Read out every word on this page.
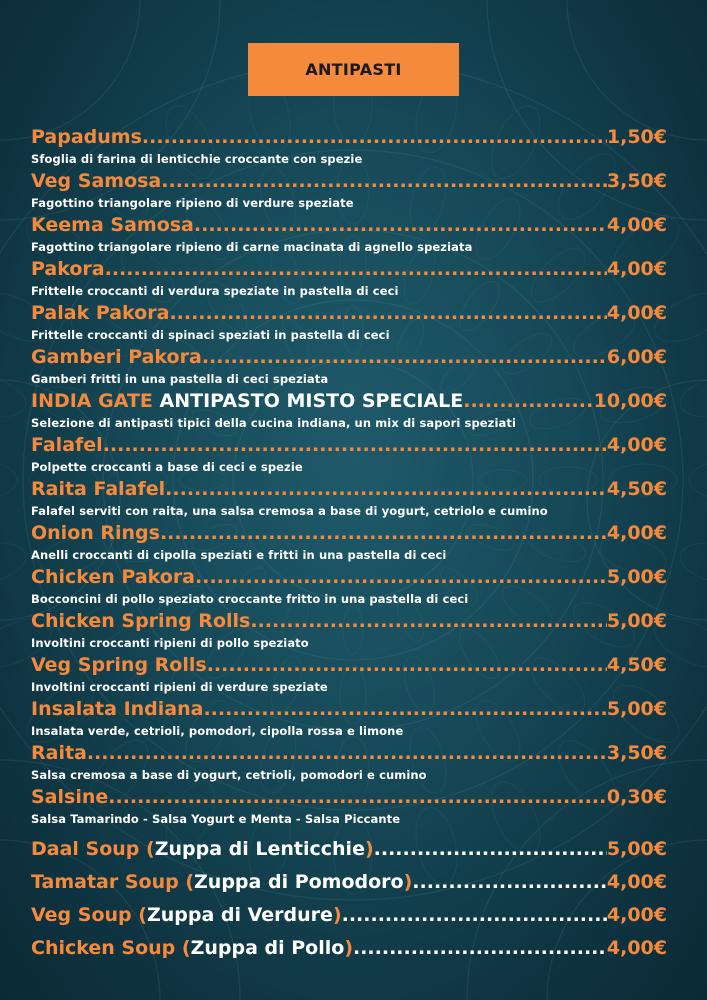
ANTIPASTI
Papadums .....	1,50€
Sfoglia di farina di lenticchie croccante con spezie
Veg Samosa .....	3,50€
Fagottino triangolare ripieno di verdure speziate
Keema Samosa .....	4,00€
Fagottino triangolare ripieno di carne macinata di agnello speziata
Pakora .....	4,00€
Frittelle croccanti di verdura speziate in pastella di ceci
Palak Pakora .....	4,00€
Frittelle croccanti di spinaci speziati in pastella di ceci
Gamberi Pakora .....	6,00€
Gamberi fritti in una pastella di ceci speziata
INDIA GATE ANTIPASTO MISTO SPECIALE .....	10,00€
Selezione di antipasti tipici della cucina indiana, un mix di sapori speziati
Falafel .....	4,00€
Polpette croccanti a base di ceci e spezie
Raita Falafel .....	4,50€
Falafel serviti con raita, una salsa cremosa a base di yogurt, cetriolo e cumino
Onion Rings .....	4,00€
Anelli croccanti di cipolla speziati e fritti in una pastella di ceci
Chicken Pakora .....	5,00€
Bocconcini di pollo speziato croccante fritto in una pastella di ceci
Chicken Spring Rolls .....	5,00€
Involtini croccanti ripieni di pollo speziato
Veg Spring Rolls .....	4,50€
Involtini croccanti ripieni di verdure speziate
Insalata Indiana .....	5,00€
Insalata verde, cetrioli, pomodori, cipolla rossa e limone
Raita .....	3,50€
Salsa cremosa a base di yogurt, cetrioli, pomodori e cumino
Salsine .....	0,30€
Salsa Tamarindo - Salsa Yogurt e Menta - Salsa Piccante
Daal Soup (Zuppa di Lenticchie) .....	5,00€
Tamatar Soup (Zuppa di Pomodoro) .....	4,00€
Veg Soup (Zuppa di Verdure) .....	4,00€
Chicken Soup (Zuppa di Pollo) .....	4,00€
